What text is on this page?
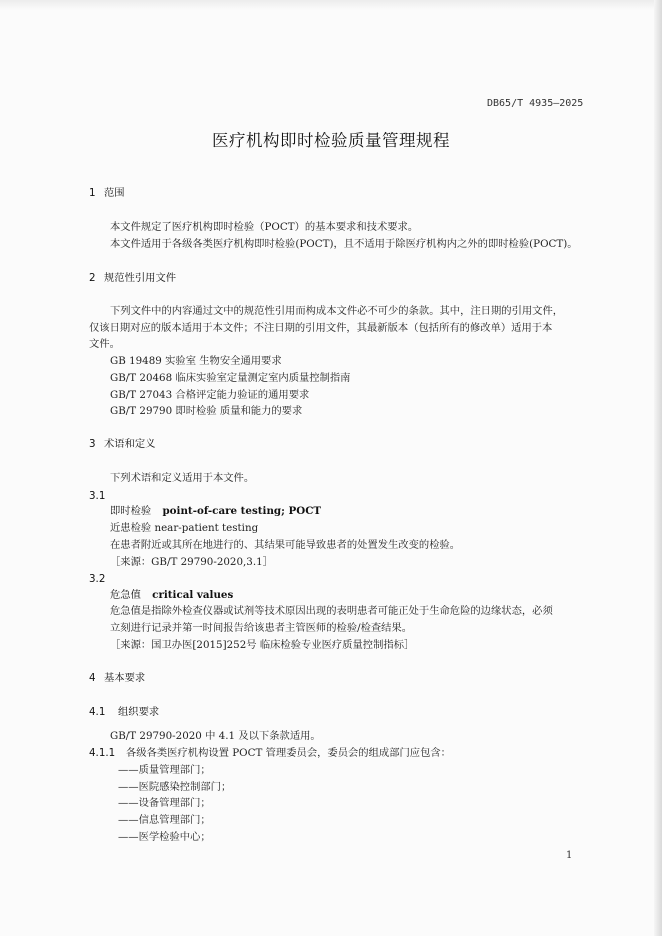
DB65/T 4935—2025
医疗机构即时检验质量管理规程
1 范围
本文件规定了医疗机构即时检验（POCT）的基本要求和技术要求。
本文件适用于各级各类医疗机构即时检验(POCT)，且不适用于除医疗机构内之外的即时检验(POCT)。
2 规范性引用文件
下列文件中的内容通过文中的规范性引用而构成本文件必不可少的条款。其中，注日期的引用文件，
仅该日期对应的版本适用于本文件；不注日期的引用文件，其最新版本（包括所有的修改单）适用于本
文件。
GB 19489 实验室 生物安全通用要求
GB/T 20468 临床实验室定量测定室内质量控制指南
GB/T 27043 合格评定能力验证的通用要求
GB/T 29790 即时检验 质量和能力的要求
3 术语和定义
下列术语和定义适用于本文件。
3.1
即时检验 point-of-care testing; POCT
近患检验 near-patient testing
在患者附近或其所在地进行的、其结果可能导致患者的处置发生改变的检验。
［来源：GB/T 29790-2020,3.1］
3.2
危急值 critical values
危急值是指除外检查仪器或试剂等技术原因出现的表明患者可能正处于生命危险的边缘状态，必须
立刻进行记录并第一时间报告给该患者主管医师的检验/检查结果。
［来源：国卫办医[2015]252号 临床检验专业医疗质量控制指标］
4 基本要求
4.1 组织要求
GB/T 29790-2020 中 4.1 及以下条款适用。
4.1.1 各级各类医疗机构设置 POCT 管理委员会，委员会的组成部门应包含：
——质量管理部门；
——医院感染控制部门；
——设备管理部门；
——信息管理部门；
——医学检验中心；
1
